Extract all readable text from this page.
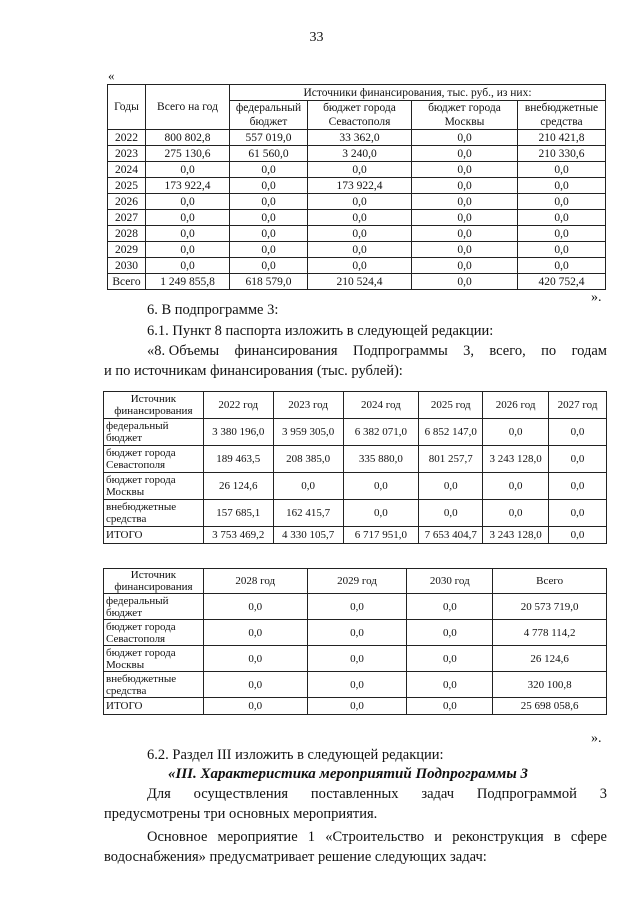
33
«
Годы	Всего на год	Источники финансирования, тыс. руб., из них:			
		федеральный бюджет	бюджет города Севастополя	бюджет города Москвы	внебюджетные средства
2022	800 802,8	557 019,0	33 362,0	0,0	210 421,8
2023	275 130,6	61 560,0	3 240,0	0,0	210 330,6
2024	0,0	0,0	0,0	0,0	0,0
2025	173 922,4	0,0	173 922,4	0,0	0,0
2026	0,0	0,0	0,0	0,0	0,0
2027	0,0	0,0	0,0	0,0	0,0
2028	0,0	0,0	0,0	0,0	0,0
2029	0,0	0,0	0,0	0,0	0,0
2030	0,0	0,0	0,0	0,0	0,0
Всего	1 249 855,8	618 579,0	210 524,4	0,0	420 752,4
».
6. В подпрограмме 3:
6.1. Пункт 8 паспорта изложить в следующей редакции:
«8. Объемы финансирования Подпрограммы 3, всего, по годам
и по источникам финансирования (тыс. рублей):
Источник финансирования	2022 год	2023 год	2024 год	2025 год	2026 год	2027 год
федеральный бюджет	3 380 196,0	3 959 305,0	6 382 071,0	6 852 147,0	0,0	0,0
бюджет города Севастополя	189 463,5	208 385,0	335 880,0	801 257,7	3 243 128,0	0,0
бюджет города Москвы	26 124,6	0,0	0,0	0,0	0,0	0,0
внебюджетные средства	157 685,1	162 415,7	0,0	0,0	0,0	0,0
ИТОГО	3 753 469,2	4 330 105,7	6 717 951,0	7 653 404,7	3 243 128,0	0,0
Источник финансирования	2028 год	2029 год	2030 год	Всего
федеральный бюджет	0,0	0,0	0,0	20 573 719,0
бюджет города Севастополя	0,0	0,0	0,0	4 778 114,2
бюджет города Москвы	0,0	0,0	0,0	26 124,6
внебюджетные средства	0,0	0,0	0,0	320 100,8
ИТОГО	0,0	0,0	0,0	25 698 058,6
».
6.2. Раздел III изложить в следующей редакции:
«III. Характеристика мероприятий Подпрограммы 3
Для осуществления поставленных задач Подпрограммой 3
предусмотрены три основных мероприятия.
Основное мероприятие 1 «Строительство и реконструкция в сфере
водоснабжения» предусматривает решение следующих задач:
